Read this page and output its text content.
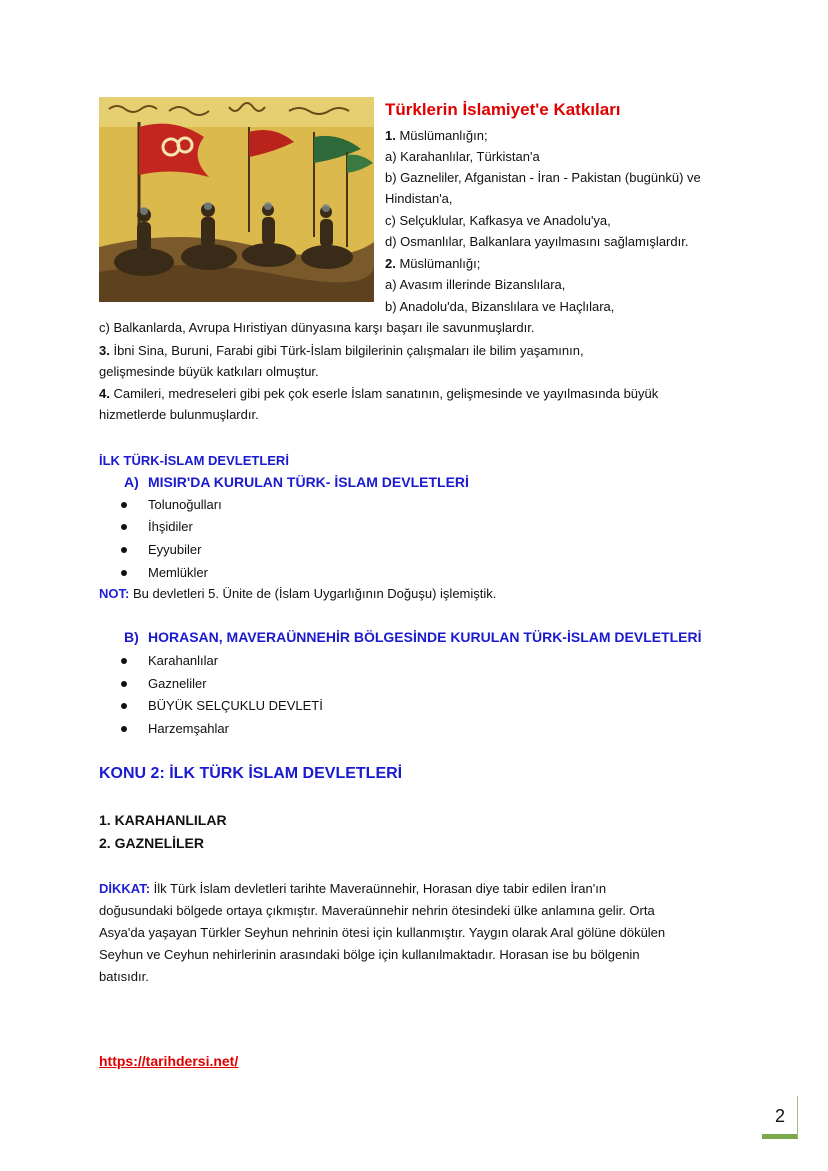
Türklerin İslamiyet'e Katkıları
1. Müslümanlığın;
a) Karahanlılar, Türkistan'a
b) Gazneliler, Afganistan - İran - Pakistan (bugünkü) ve
Hindistan'a,
c) Selçuklular, Kafkasya ve Anadolu'ya,
d) Osmanlılar, Balkanlara yayılmasını sağlamışlardır.
2. Müslümanlığı;
a) Avasım illerinde Bizanslılara,
b) Anadolu'da, Bizanslılara ve Haçlılara,
c) Balkanlarda, Avrupa Hıristiyan dünyasına karşı başarı ile savunmuşlardır.
3. İbni Sina, Buruni, Farabi gibi Türk-İslam bilgilerinin çalışmaları ile bilim yaşamının,
gelişmesinde büyük katkıları olmuştur.
4. Camileri, medreseleri gibi pek çok eserle İslam sanatının, gelişmesinde ve yayılmasında büyük
hizmetlerde bulunmuşlardır.
İLK TÜRK-İSLAM DEVLETLERİ
A) MISIR'DA KURULAN TÜRK- İSLAM DEVLETLERİ
Tolunoğulları
İhşidiler
Eyyubiler
Memlükler
NOT: Bu devletleri 5. Ünite de (İslam Uygarlığının Doğuşu) işlemiştik.
B) HORASAN, MAVERAÜNNEHİR BÖLGESİNDE KURULAN TÜRK-İSLAM DEVLETLERİ
Karahanlılar
Gazneliler
BÜYÜK SELÇUKLU DEVLETİ
Harzemşahlar
KONU 2: İLK TÜRK İSLAM DEVLETLERİ
1. KARAHANLILAR
2. GAZNELİLER
DİKKAT: İlk Türk İslam devletleri tarihte Maveraünnehir, Horasan diye tabir edilen İran'ın
doğusundaki bölgede ortaya çıkmıştır. Maveraünnehir nehrin ötesindeki ülke anlamına gelir. Orta
Asya'da yaşayan Türkler Seyhun nehrinin ötesi için kullanmıştır. Yaygın olarak Aral gölüne dökülen
Seyhun ve Ceyhun nehirlerinin arasındaki bölge için kullanılmaktadır. Horasan ise bu bölgenin
batısıdır.
https://tarihdersi.net/
2
